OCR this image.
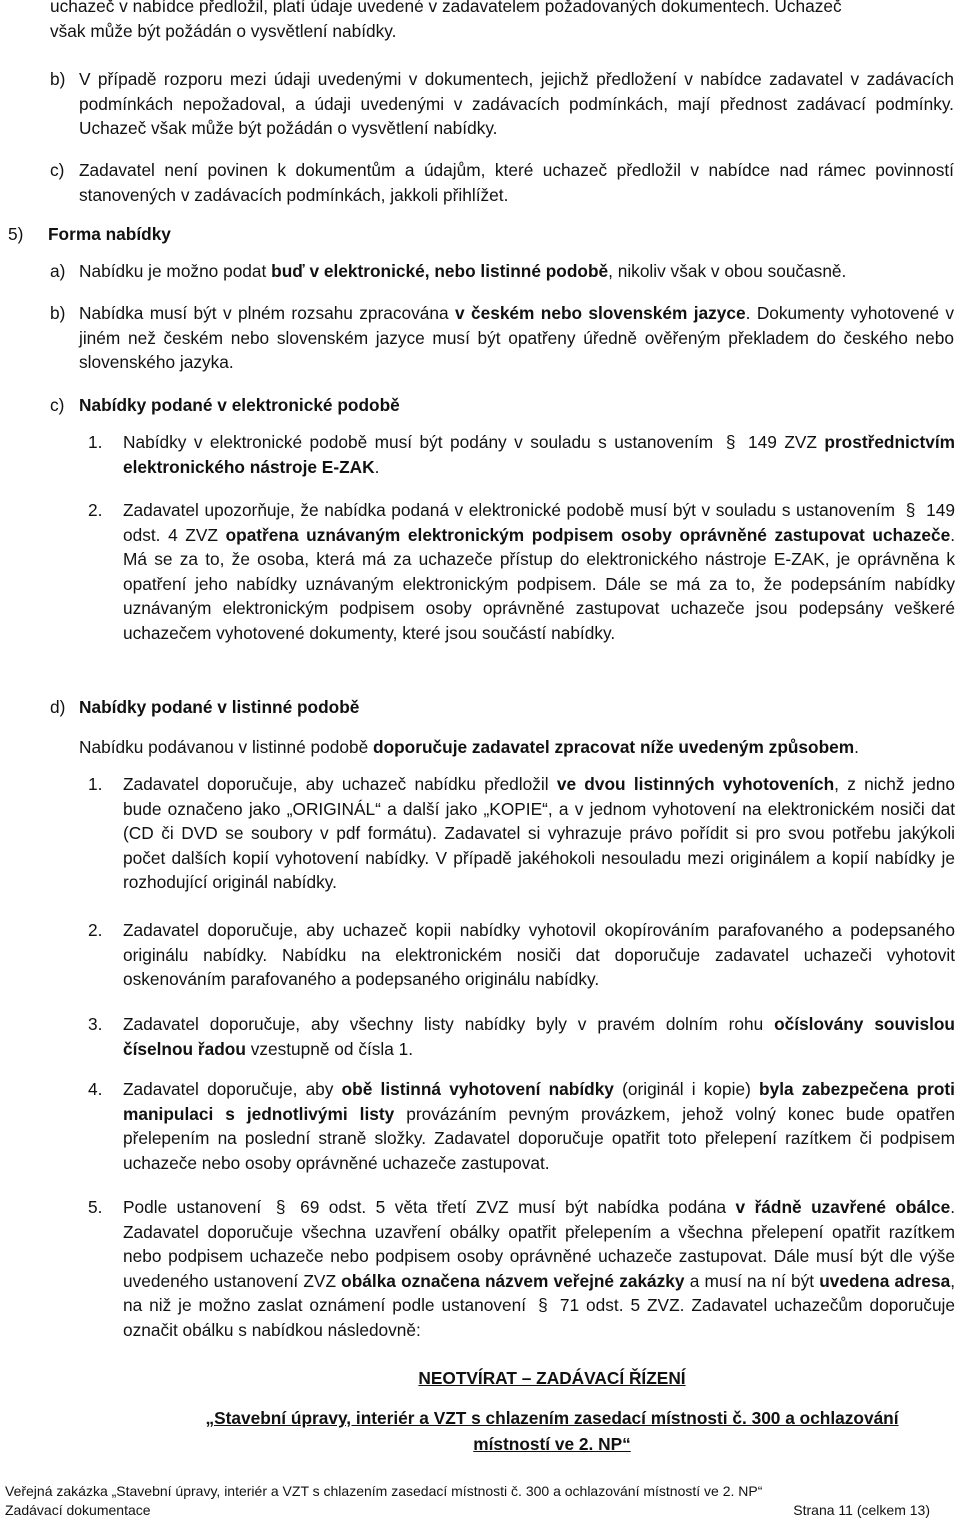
uchazeč v nabídce předložil, platí údaje uvedené v zadavatelem požadovaných dokumentech. Uchazeč
však může být požádán o vysvětlení nabídky.
b) V případě rozporu mezi údaji uvedenými v dokumentech, jejichž předložení v nabídce zadavatel v zadávacích podmínkách nepožadoval, a údaji uvedenými v zadávacích podmínkách, mají přednost zadávací podmínky. Uchazeč však může být požádán o vysvětlení nabídky.
c) Zadavatel není povinen k dokumentům a údajům, které uchazeč předložil v nabídce nad rámec povinností stanovených v zadávacích podmínkách, jakkoli přihlížet.
5) Forma nabídky
a) Nabídku je možno podat buď v elektronické, nebo listinné podobě, nikoliv však v obou současně.
b) Nabídka musí být v plném rozsahu zpracována v českém nebo slovenském jazyce. Dokumenty vyhotovené v jiném než českém nebo slovenském jazyce musí být opatřeny úředně ověřeným překladem do českého nebo slovenského jazyka.
c) Nabídky podané v elektronické podobě
1. Nabídky v elektronické podobě musí být podány v souladu s ustanovením § 149 ZVZ prostřednictvím elektronického nástroje E-ZAK.
2. Zadavatel upozorňuje, že nabídka podaná v elektronické podobě musí být v souladu s ustanovením § 149 odst. 4 ZVZ opatřena uznávaným elektronickým podpisem osoby oprávněné zastupovat uchazeče. Má se za to, že osoba, která má za uchazeče přístup do elektronického nástroje E-ZAK, je oprávněna k opatření jeho nabídky uznávaným elektronickým podpisem. Dále se má za to, že podepsáním nabídky uznávaným elektronickým podpisem osoby oprávněné zastupovat uchazeče jsou podepsány veškeré uchazečem vyhotovené dokumenty, které jsou součástí nabídky.
d) Nabídky podané v listinné podobě
Nabídku podávanou v listinné podobě doporučuje zadavatel zpracovat níže uvedeným způsobem.
1. Zadavatel doporučuje, aby uchazeč nabídku předložil ve dvou listinných vyhotoveních, z nichž jedno bude označeno jako „ORIGINÁL“ a další jako „KOPIE“, a v jednom vyhotovení na elektronickém nosiči dat (CD či DVD se soubory v pdf formátu). Zadavatel si vyhrazuje právo pořídit si pro svou potřebu jakýkoli počet dalších kopií vyhotovení nabídky. V případě jakéhokoli nesouladu mezi originálem a kopií nabídky je rozhodující originál nabídky.
2. Zadavatel doporučuje, aby uchazeč kopii nabídky vyhotovil okopírováním parafovaného a podepsaného originálu nabídky. Nabídku na elektronickém nosiči dat doporučuje zadavatel uchazeči vyhotovit oskenováním parafovaného a podepsaného originálu nabídky.
3. Zadavatel doporučuje, aby všechny listy nabídky byly v pravém dolním rohu očíslovány souvislou číselnou řadou vzestupně od čísla 1.
4. Zadavatel doporučuje, aby obě listinná vyhotovení nabídky (originál i kopie) byla zabezpečena proti manipulaci s jednotlivými listy provázáním pevným provázkem, jehož volný konec bude opatřen přelepením na poslední straně složky. Zadavatel doporučuje opatřit toto přelepení razítkem či podpisem uchazeče nebo osoby oprávněné uchazeče zastupovat.
5. Podle ustanovení § 69 odst. 5 věta třetí ZVZ musí být nabídka podána v řádně uzavřené obálce. Zadavatel doporučuje všechna uzavření obálky opatřit přelepením a všechna přelepení opatřit razítkem nebo podpisem uchazeče nebo podpisem osoby oprávněné uchazeče zastupovat. Dále musí být dle výše uvedeného ustanovení ZVZ obálka označena názvem veřejné zakázky a musí na ní být uvedena adresa, na niž je možno zaslat oznámení podle ustanovení § 71 odst. 5 ZVZ. Zadavatel uchazečům doporučuje označit obálku s nabídkou následovně:
NEOTVÍRAT – ZADÁVACÍ ŘÍZENÍ
„Stavební úpravy, interiér a VZT s chlazením zasedací místnosti č. 300 a ochlazování
místností ve 2. NP“
Veřejná zakázka „Stavební úpravy, interiér a VZT s chlazením zasedací místnosti č. 300 a ochlazování místností ve 2. NP“
Zadávací dokumentace	Strana 11 (celkem 13)
